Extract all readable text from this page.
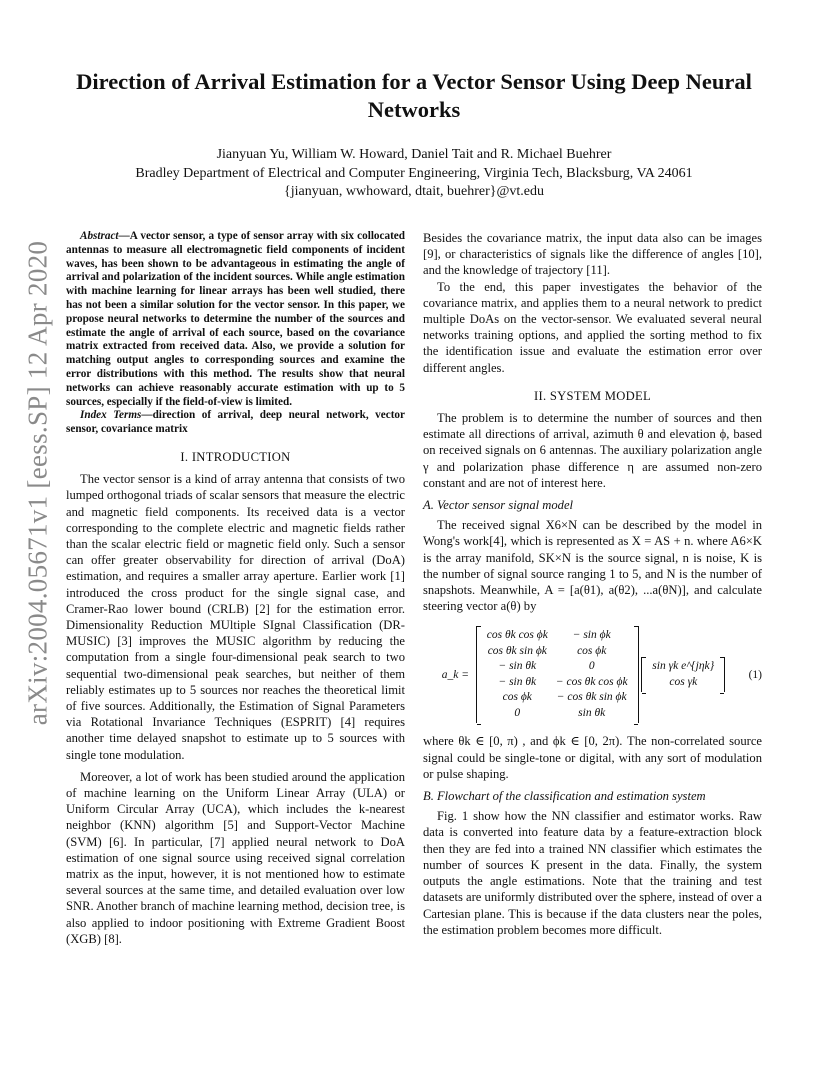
arXiv:2004.05671v1 [eess.SP] 12 Apr 2020
Direction of Arrival Estimation for a Vector Sensor Using Deep Neural Networks
Jianyuan Yu, William W. Howard, Daniel Tait and R. Michael Buehrer
Bradley Department of Electrical and Computer Engineering, Virginia Tech, Blacksburg, VA 24061
{jianyuan, wwhoward, dtait, buehrer}@vt.edu

Abstract—A vector sensor, a type of sensor array with six collocated antennas to measure all electromagnetic field components of incident waves, has been shown to be advantageous in estimating the angle of arrival and polarization of the incident sources. While angle estimation with machine learning for linear arrays has been well studied, there has not been a similar solution for the vector sensor. In this paper, we propose neural networks to determine the number of the sources and estimate the angle of arrival of each source, based on the covariance matrix extracted from received data. Also, we provide a solution for matching output angles to corresponding sources and examine the error distributions with this method. The results show that neural networks can achieve reasonably accurate estimation with up to 5 sources, especially if the field-of-view is limited.

Index Terms—direction of arrival, deep neural network, vector sensor, covariance matrix

I. INTRODUCTION

The vector sensor is a kind of array antenna that consists of two lumped orthogonal triads of scalar sensors that measure the electric and magnetic field components. Its received data is a vector corresponding to the complete electric and magnetic fields rather than the scalar electric field or magnetic field only. Such a sensor can offer greater observability for direction of arrival (DoA) estimation, and requires a smaller array aperture. Earlier work [1] introduced the cross product for the single signal case, and Cramer-Rao lower bound (CRLB) [2] for the estimation error. Dimensionality Reduction MUltiple SIgnal Classification (DR-MUSIC) [3] improves the MUSIC algorithm by reducing the computation from a single four-dimensional peak search to two sequential two-dimensional peak searches, but neither of them reliably estimates up to 5 sources nor reaches the theoretical limit of five sources. Additionally, the Estimation of Signal Parameters via Rotational Invariance Techniques (ESPRIT) [4] requires another time delayed snapshot to estimate up to 5 sources with single tone modulation.

Moreover, a lot of work has been studied around the application of machine learning on the Uniform Linear Array (ULA) or Uniform Circular Array (UCA), which includes the k-nearest neighbor (KNN) algorithm [5] and Support-Vector Machine (SVM) [6]. In particular, [7] applied neural network to DoA estimation of one signal source using received signal correlation matrix as the input, however, it is not mentioned how to estimate several sources at the same time, and detailed evaluation over low SNR. Another branch of machine learning method, decision tree, is also applied to indoor positioning with Extreme Gradient Boost (XGB) [8].

Besides the covariance matrix, the input data also can be images [9], or characteristics of signals like the difference of angles [10], and the knowledge of trajectory [11].

To the end, this paper investigates the behavior of the covariance matrix, and applies them to a neural network to predict multiple DoAs on the vector-sensor. We evaluated several neural networks training options, and applied the sorting method to fix the identification issue and evaluate the estimation error over different angles.

II. SYSTEM MODEL

The problem is to determine the number of sources and then estimate all directions of arrival, azimuth θ and elevation ϕ, based on received signals on 6 antennas. The auxiliary polarization angle γ and polarization phase difference η are assumed non-zero constant and are not of interest here.

A. Vector sensor signal model

The received signal X6×N can be described by the model in Wong's work[4], which is represented as X = AS + n. where A6×K is the array manifold, SK×N is the source signal, n is noise, K is the number of signal source ranging 1 to 5, and N is the number of snapshots. Meanwhile, A = [a(θ1), a(θ2), ...a(θN)], and calculate steering vector a(θ) by

a_k =
cos θk cos ϕk	− sin ϕk
cos θk sin ϕk	cos ϕk
− sin θk	0
− sin θk	− cos θk cos ϕk
cos ϕk	− cos θk sin ϕk
0	sin θk
sin γk e^{jηk}
cos γk
(1)

where θk ∈ [0, π) , and ϕk ∈ [0, 2π). The non-correlated source signal could be single-tone or digital, with any sort of modulation or pulse shaping.

B. Flowchart of the classification and estimation system

Fig. 1 show how the NN classifier and estimator works. Raw data is converted into feature data by a feature-extraction block then they are fed into a trained NN classifier which estimates the number of sources K present in the data. Finally, the system outputs the angle estimations. Note that the training and test datasets are uniformly distributed over the sphere, instead of over a Cartesian plane. This is because if the data clusters near the poles, the estimation problem becomes more difficult.
